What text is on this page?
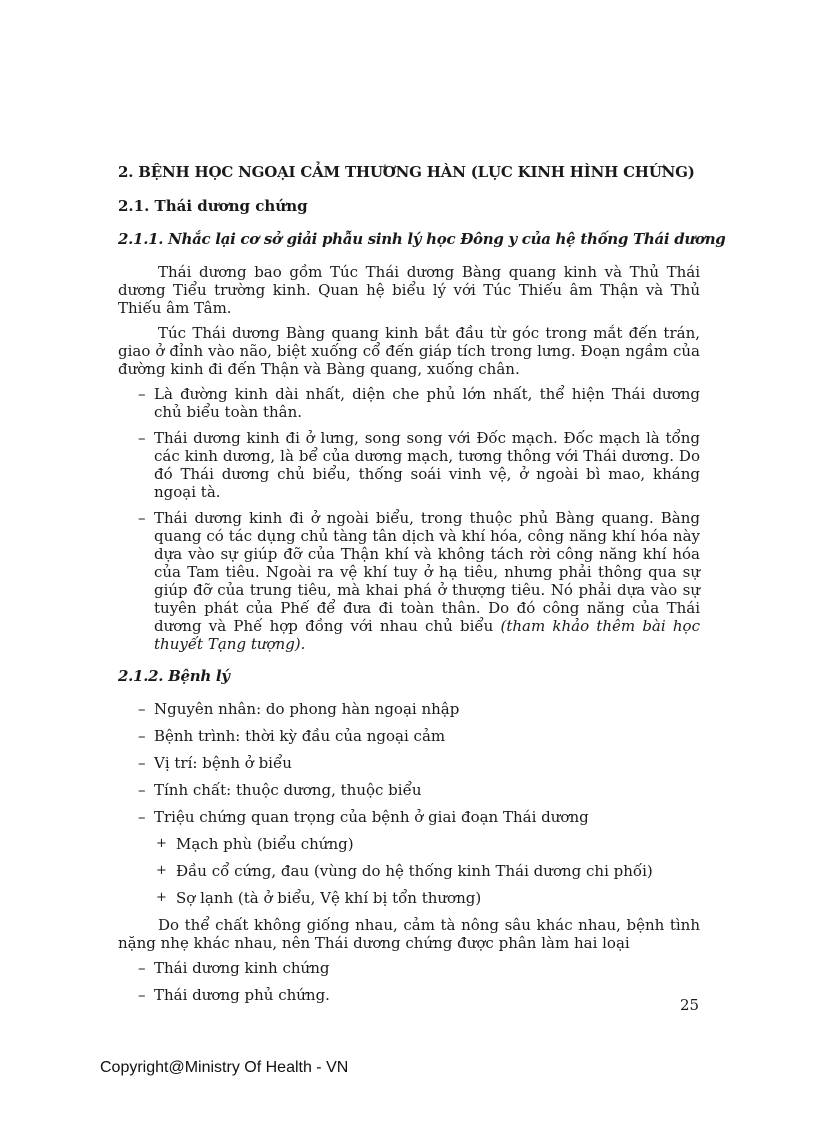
2. BỆNH HỌC NGOẠI CẢM THƯƠNG HÀN (LỤC KINH HÌNH CHỨNG)
2.1. Thái dương chứng
2.1.1. Nhắc lại cơ sở giải phẫu sinh lý học Đông y của hệ thống Thái dương

Thái dương bao gồm Túc Thái dương Bàng quang kinh và Thủ Thái dương Tiểu trường kinh. Quan hệ biểu lý với Túc Thiếu âm Thận và Thủ Thiếu âm Tâm.

Túc Thái dương Bàng quang kinh bắt đầu từ góc trong mắt đến trán, giao ở đỉnh vào não, biệt xuống cổ đến giáp tích trong lưng. Đoạn ngầm của đường kinh đi đến Thận và Bàng quang, xuống chân.

– Là đường kinh dài nhất, diện che phủ lớn nhất, thể hiện Thái dương chủ biểu toàn thân.
– Thái dương kinh đi ở lưng, song song với Đốc mạch. Đốc mạch là tổng các kinh dương, là bể của dương mạch, tương thông với Thái dương. Do đó Thái dương chủ biểu, thống soái vinh vệ, ở ngoài bì mao, kháng ngoại tà.
– Thái dương kinh đi ở ngoài biểu, trong thuộc phủ Bàng quang. Bàng quang có tác dụng chủ tàng tân dịch và khí hóa, công năng khí hóa này dựa vào sự giúp đỡ của Thận khí và không tách rời công năng khí hóa của Tam tiêu. Ngoài ra vệ khí tuy ở hạ tiêu, nhưng phải thông qua sự giúp đỡ của trung tiêu, mà khai phá ở thượng tiêu. Nó phải dựa vào sự tuyên phát của Phế để đưa đi toàn thân. Do đó công năng của Thái dương và Phế hợp đồng với nhau chủ biểu (tham khảo thêm bài học thuyết Tạng tượng).
2.1.2. Bệnh lý
– Nguyên nhân: do phong hàn ngoại nhập
– Bệnh trình: thời kỳ đầu của ngoại cảm
– Vị trí: bệnh ở biểu
– Tính chất: thuộc dương, thuộc biểu
– Triệu chứng quan trọng của bệnh ở giai đoạn Thái dương
+ Mạch phù (biểu chứng)
+ Đầu cổ cứng, đau (vùng do hệ thống kinh Thái dương chi phối)
+ Sợ lạnh (tà ở biểu, Vệ khí bị tổn thương)

Do thể chất không giống nhau, cảm tà nông sâu khác nhau, bệnh tình nặng nhẹ khác nhau, nên Thái dương chứng được phân làm hai loại

– Thái dương kinh chứng
– Thái dương phủ chứng.
25
Copyright@Ministry Of Health - VN
